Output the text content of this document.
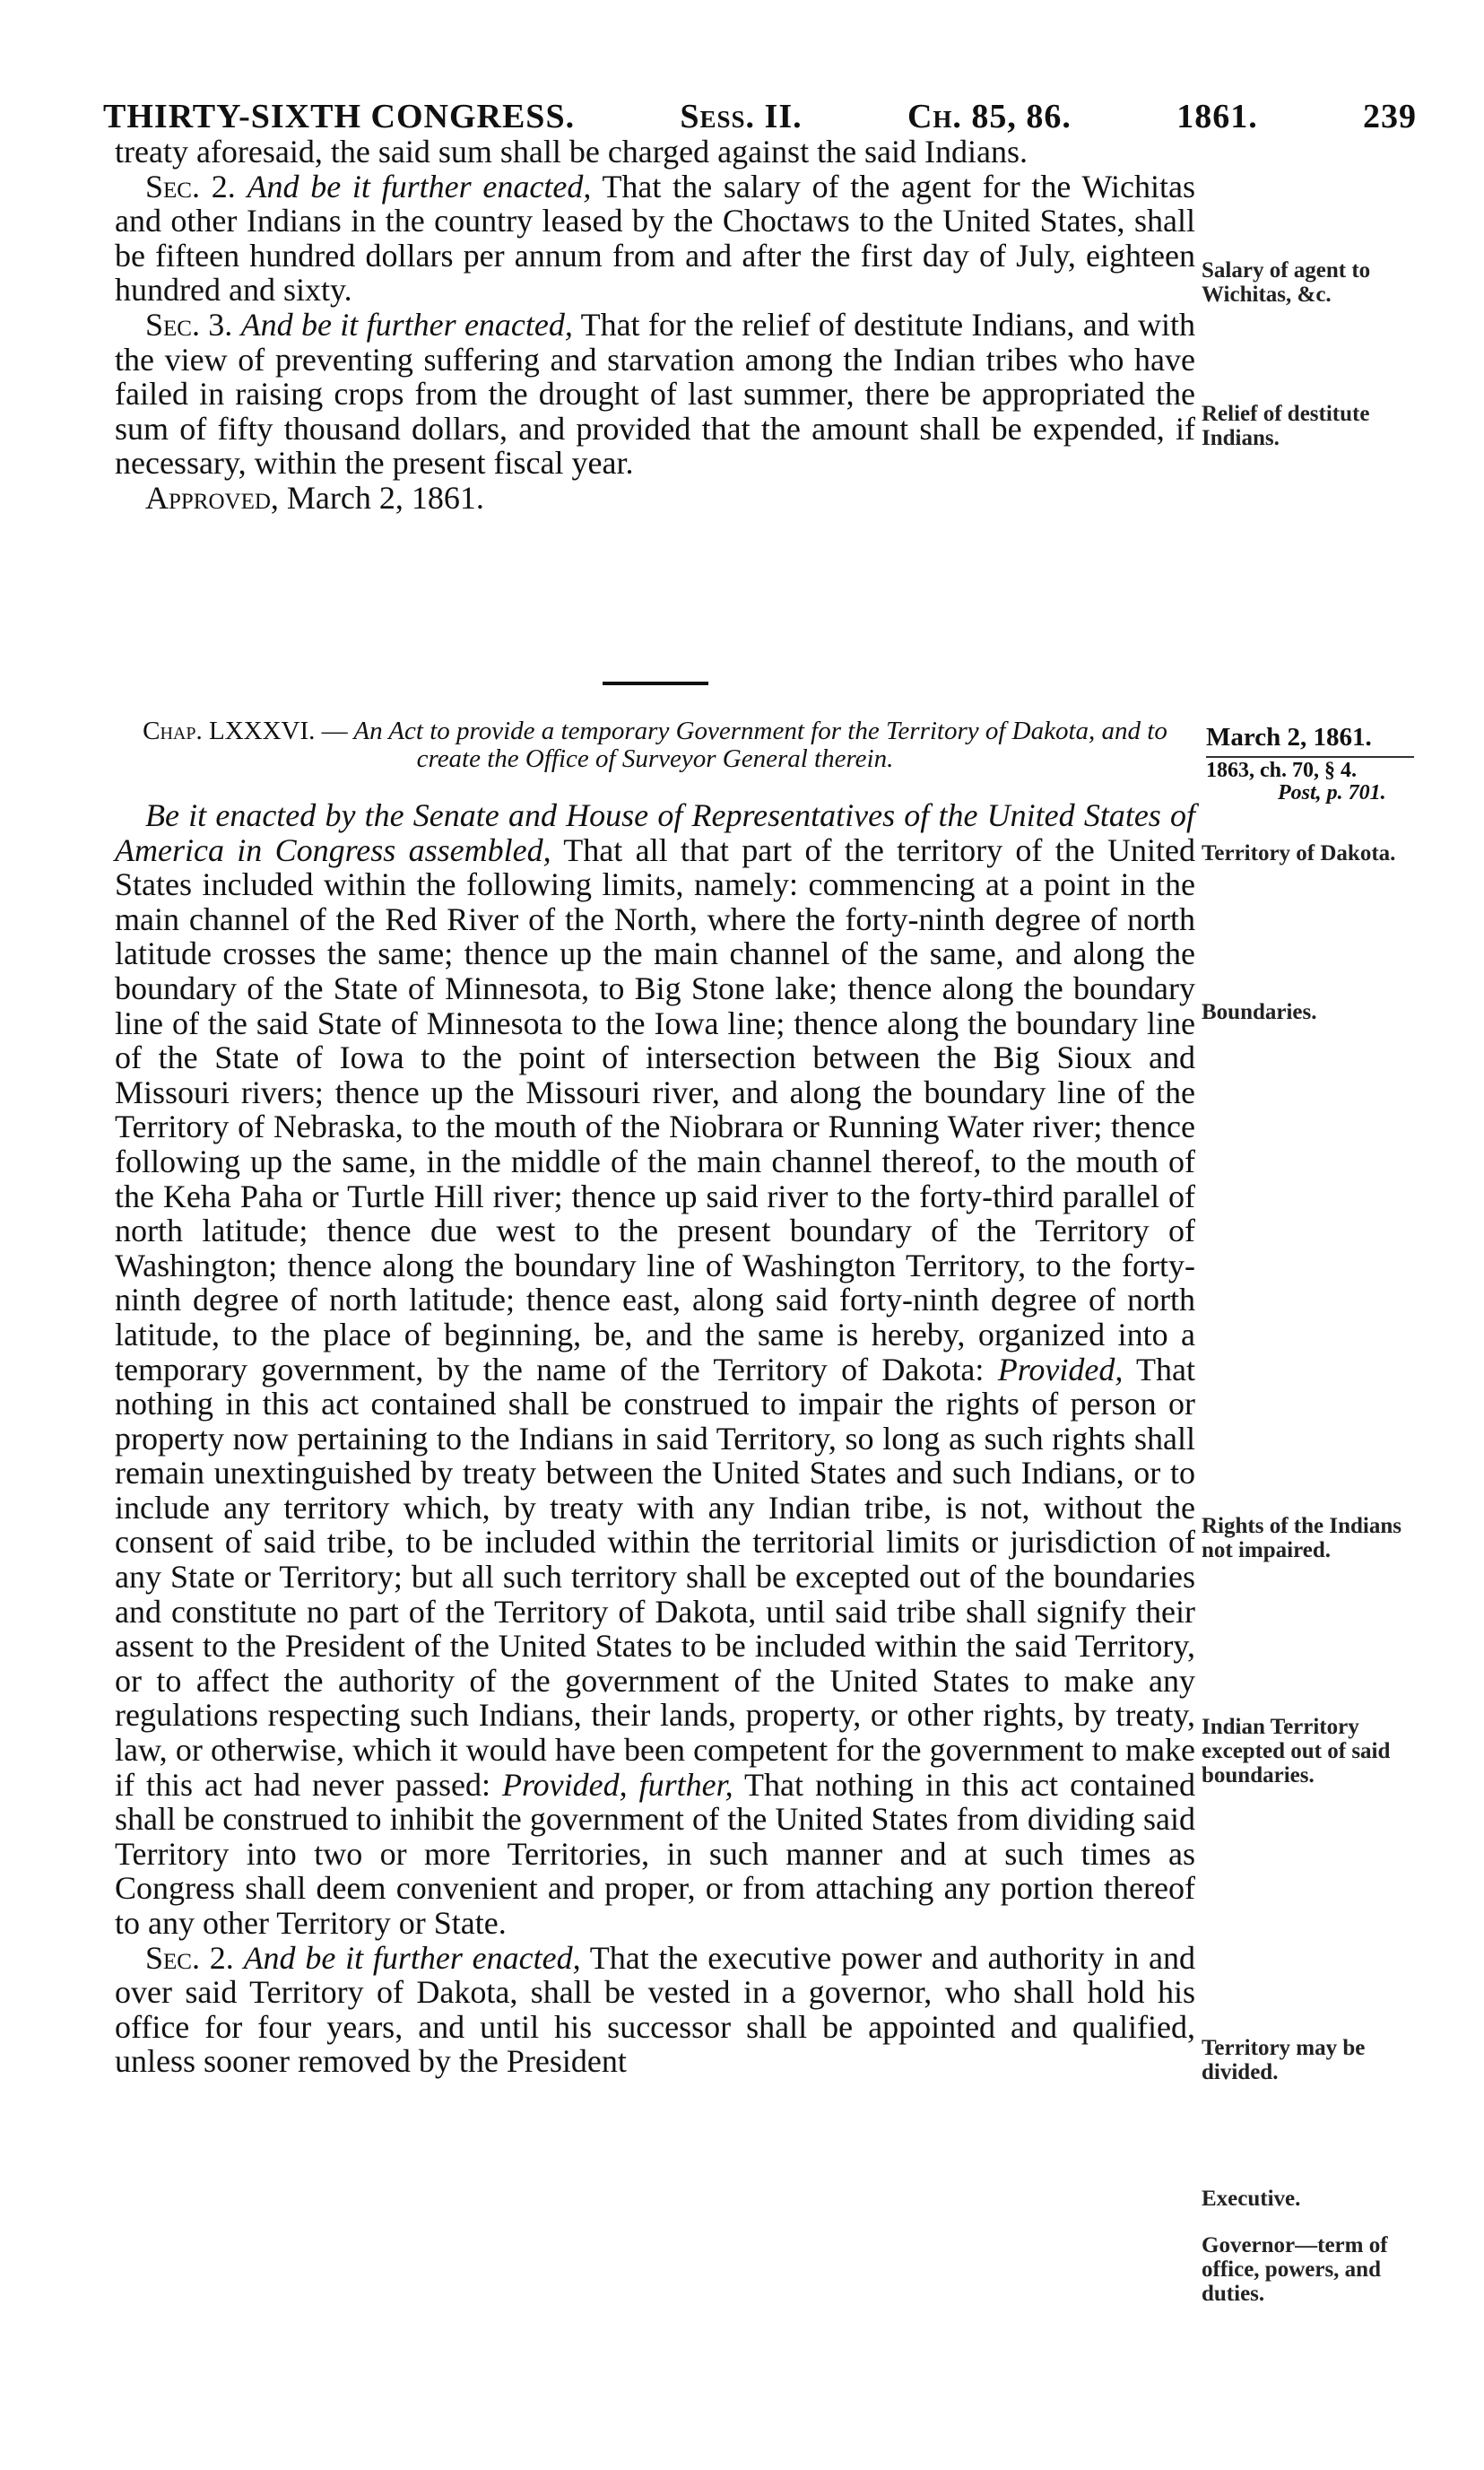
THIRTY-SIXTH CONGRESS.	Sess. II.	Ch. 85, 86.	1861.	239

treaty aforesaid, the said sum shall be charged against the said Indians.

Sec. 2. And be it further enacted, That the salary of the agent for the Wichitas and other Indians in the country leased by the Choctaws to the United States, shall be fifteen hundred dollars per annum from and after the first day of July, eighteen hundred and sixty.

Sec. 3. And be it further enacted, That for the relief of destitute Indians, and with the view of preventing suffering and starvation among the Indian tribes who have failed in raising crops from the drought of last summer, there be appropriated the sum of fifty thousand dollars, and provided that the amount shall be expended, if necessary, within the present fiscal year.

Approved, March 2, 1861.

Salary of agent to Wichitas, &c.
Relief of destitute Indians.
Chap. LXXXVI. — An Act to provide a temporary Government for the Territory of Dakota, and to create the Office of Surveyor General therein.
March 2, 1861.
1863, ch. 70, § 4.
Post, p. 701.

Be it enacted by the Senate and House of Representatives of the United States of America in Congress assembled, That all that part of the territory of the United States included within the following limits, namely: commencing at a point in the main channel of the Red River of the North, where the forty-ninth degree of north latitude crosses the same; thence up the main channel of the same, and along the boundary of the State of Minnesota, to Big Stone lake; thence along the boundary line of the said State of Minnesota to the Iowa line; thence along the boundary line of the State of Iowa to the point of intersection between the Big Sioux and Missouri rivers; thence up the Missouri river, and along the boundary line of the Territory of Nebraska, to the mouth of the Niobrara or Running Water river; thence following up the same, in the middle of the main channel thereof, to the mouth of the Keha Paha or Turtle Hill river; thence up said river to the forty-third parallel of north latitude; thence due west to the present boundary of the Territory of Washington; thence along the boundary line of Washington Territory, to the forty-ninth degree of north latitude; thence east, along said forty-ninth degree of north latitude, to the place of beginning, be, and the same is hereby, organized into a temporary government, by the name of the Territory of Dakota: Provided, That nothing in this act contained shall be construed to impair the rights of person or property now pertaining to the Indians in said Territory, so long as such rights shall remain unextinguished by treaty between the United States and such Indians, or to include any territory which, by treaty with any Indian tribe, is not, without the consent of said tribe, to be included within the territorial limits or jurisdiction of any State or Territory; but all such territory shall be excepted out of the boundaries and constitute no part of the Territory of Dakota, until said tribe shall signify their assent to the President of the United States to be included within the said Territory, or to affect the authority of the government of the United States to make any regulations respecting such Indians, their lands, property, or other rights, by treaty, law, or otherwise, which it would have been competent for the government to make if this act had never passed: Provided, further, That nothing in this act contained shall be construed to inhibit the government of the United States from dividing said Territory into two or more Territories, in such manner and at such times as Congress shall deem convenient and proper, or from attaching any portion thereof to any other Territory or State.

Sec. 2. And be it further enacted, That the executive power and authority in and over said Territory of Dakota, shall be vested in a governor, who shall hold his office for four years, and until his successor shall be appointed and qualified, unless sooner removed by the President

Territory of Dakota.
Boundaries.
Rights of the Indians not impaired.
Indian Territory excepted out of said boundaries.
Territory may be divided.
Executive.
Governor—term of office, powers, and duties.
